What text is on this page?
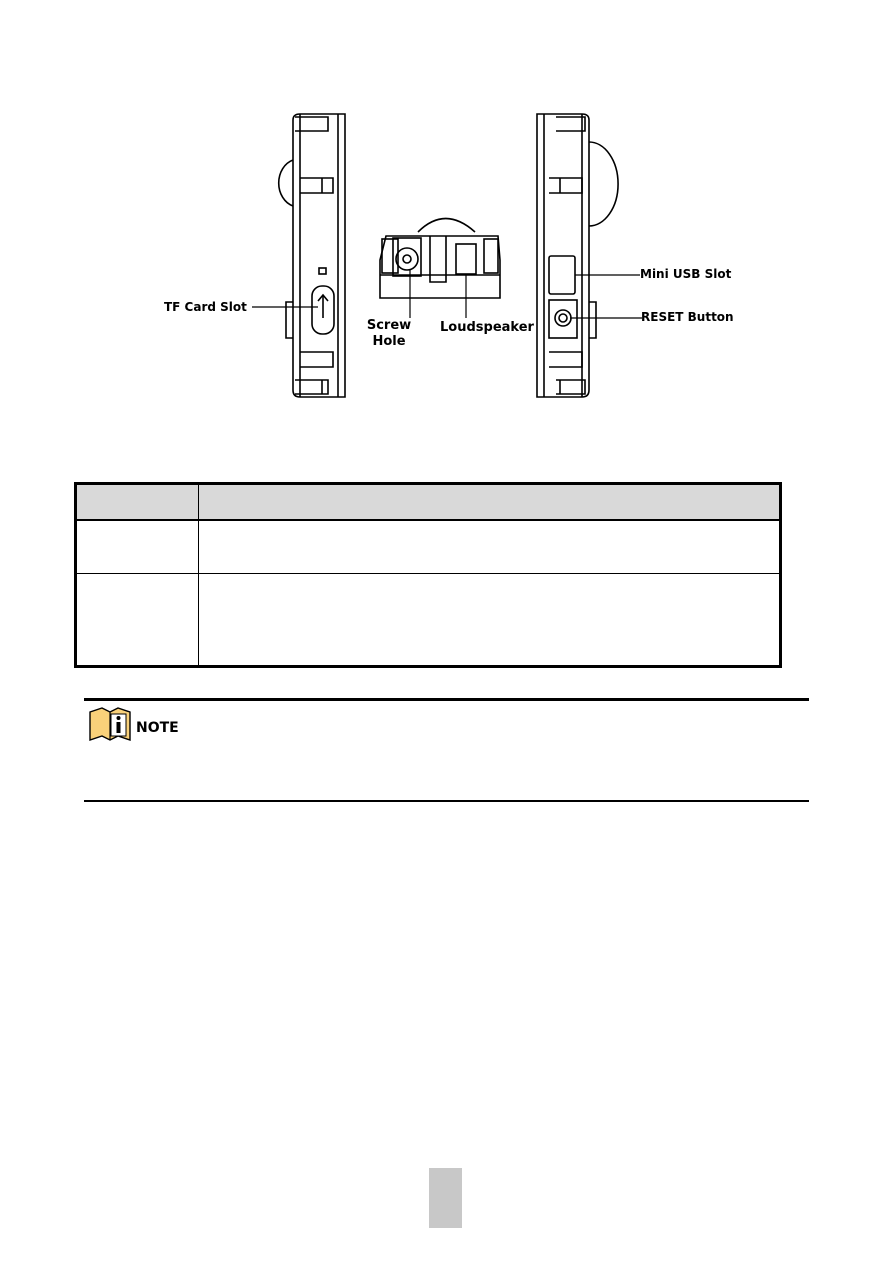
TF Card Slot
Screw
Hole
Loudspeaker
Mini USB Slot
RESET Button
NOTE
